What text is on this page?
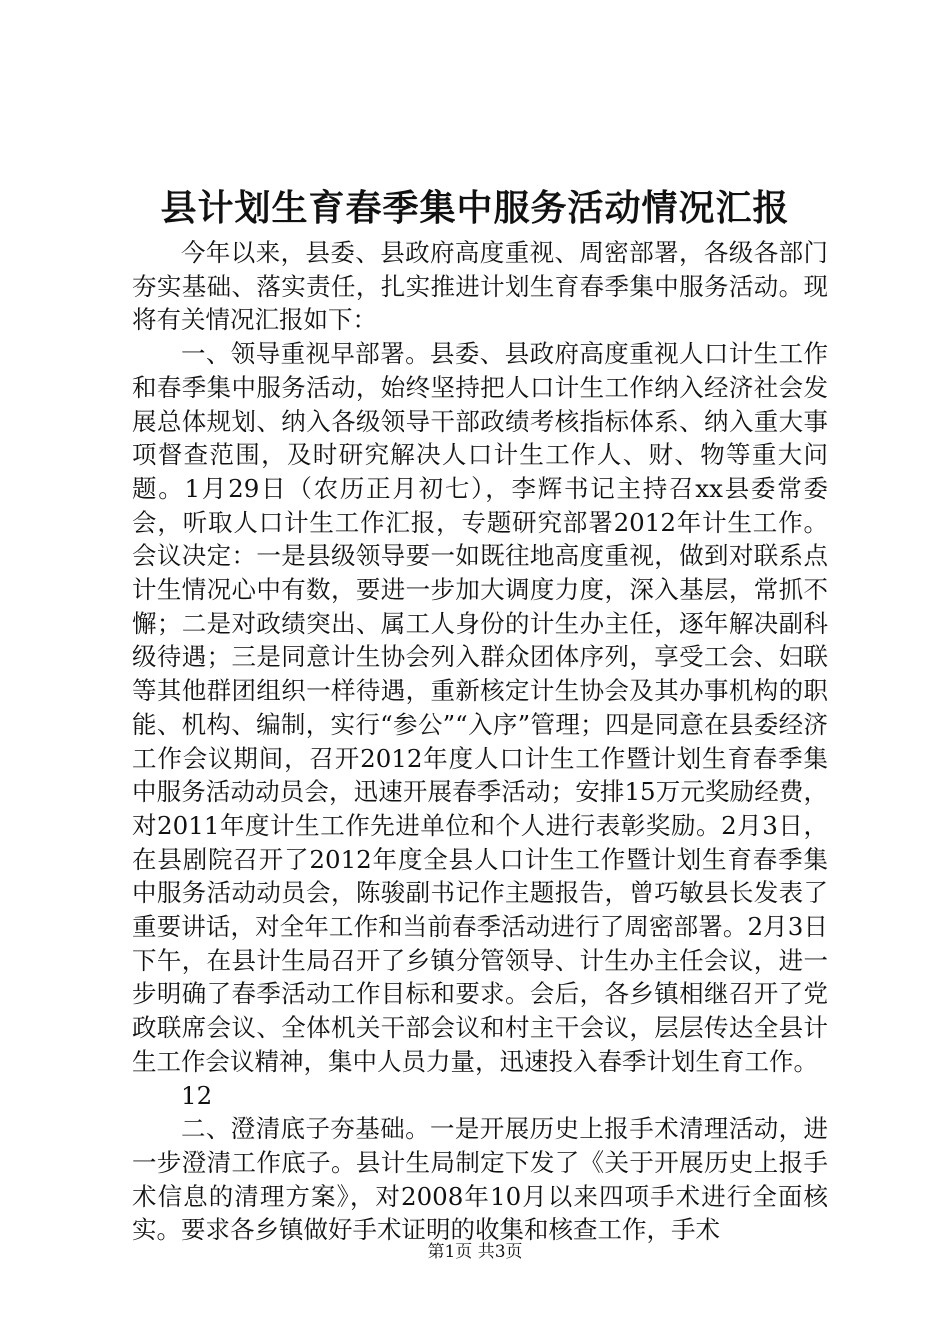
县计划生育春季集中服务活动情况汇报

今年以来，县委、县政府高度重视、周密部署，各级各部门夯实基础、落实责任，扎实推进计划生育春季集中服务活动。现将有关情况汇报如下：

一、领导重视早部署。县委、县政府高度重视人口计生工作和春季集中服务活动，始终坚持把人口计生工作纳入经济社会发展总体规划、纳入各级领导干部政绩考核指标体系、纳入重大事项督查范围，及时研究解决人口计生工作人、财、物等重大问题。1月29日（农历正月初七），李辉书记主持召xx县委常委会，听取人口计生工作汇报，专题研究部署2012年计生工作。会议决定：一是县级领导要一如既往地高度重视，做到对联系点计生情况心中有数，要进一步加大调度力度，深入基层，常抓不懈；二是对政绩突出、属工人身份的计生办主任，逐年解决副科级待遇；三是同意计生协会列入群众团体序列，享受工会、妇联等其他群团组织一样待遇，重新核定计生协会及其办事机构的职能、机构、编制，实行“参公”“入序”管理；四是同意在县委经济工作会议期间，召开2012年度人口计生工作暨计划生育春季集中服务活动动员会，迅速开展春季活动；安排15万元奖励经费，对2011年度计生工作先进单位和个人进行表彰奖励。2月3日，在县剧院召开了2012年度全县人口计生工作暨计划生育春季集中服务活动动员会，陈骏副书记作主题报告，曾巧敏县长发表了重要讲话，对全年工作和当前春季活动进行了周密部署。2月3日下午，在县计生局召开了乡镇分管领导、计生办主任会议，进一步明确了春季活动工作目标和要求。会后，各乡镇相继召开了党政联席会议、全体机关干部会议和村主干会议，层层传达全县计生工作会议精神，集中人员力量，迅速投入春季计划生育工作。

12

二、澄清底子夯基础。一是开展历史上报手术清理活动，进一步澄清工作底子。县计生局制定下发了《关于开展历史上报手术信息的清理方案》，对2008年10月以来四项手术进行全面核实。要求各乡镇做好手术证明的收集和核查工作，手术

第1页 共3页
